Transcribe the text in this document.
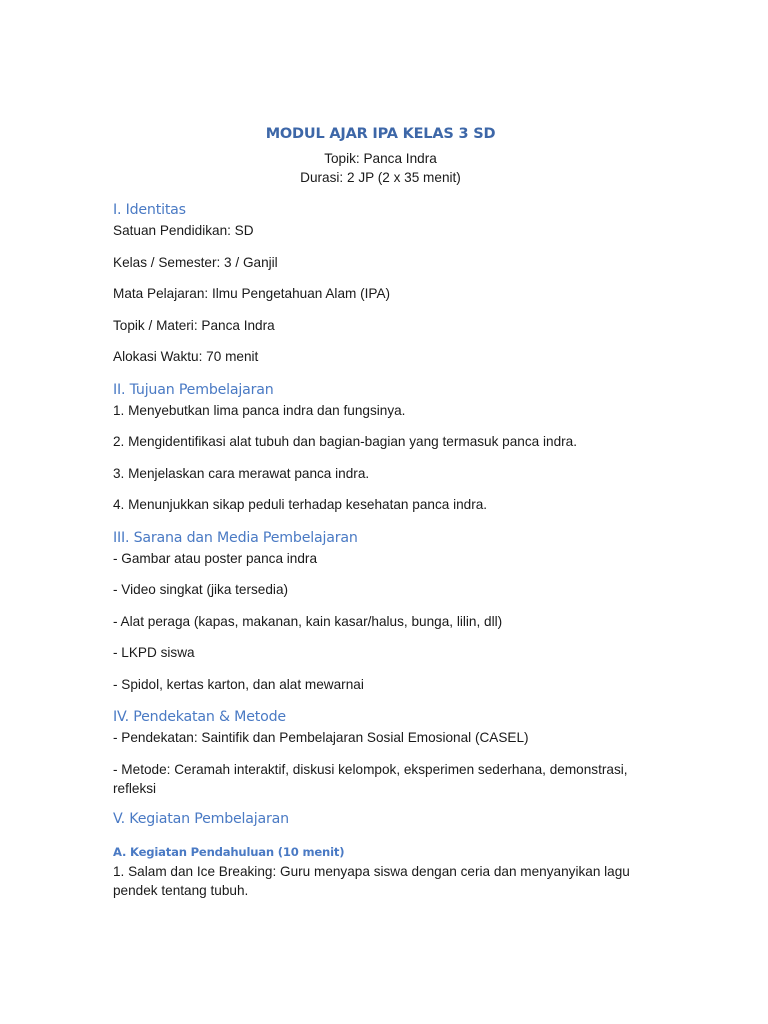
MODUL AJAR IPA KELAS 3 SD
Topik: Panca Indra
Durasi: 2 JP (2 x 35 menit)
I. Identitas
Satuan Pendidikan: SD
Kelas / Semester: 3 / Ganjil
Mata Pelajaran: Ilmu Pengetahuan Alam (IPA)
Topik / Materi: Panca Indra
Alokasi Waktu: 70 menit
II. Tujuan Pembelajaran
1. Menyebutkan lima panca indra dan fungsinya.
2. Mengidentifikasi alat tubuh dan bagian-bagian yang termasuk panca indra.
3. Menjelaskan cara merawat panca indra.
4. Menunjukkan sikap peduli terhadap kesehatan panca indra.
III. Sarana dan Media Pembelajaran
- Gambar atau poster panca indra
- Video singkat (jika tersedia)
- Alat peraga (kapas, makanan, kain kasar/halus, bunga, lilin, dll)
- LKPD siswa
- Spidol, kertas karton, dan alat mewarnai
IV. Pendekatan & Metode
- Pendekatan: Saintifik dan Pembelajaran Sosial Emosional (CASEL)
- Metode: Ceramah interaktif, diskusi kelompok, eksperimen sederhana, demonstrasi, refleksi
V. Kegiatan Pembelajaran
A. Kegiatan Pendahuluan (10 menit)
1. Salam dan Ice Breaking: Guru menyapa siswa dengan ceria dan menyanyikan lagu pendek tentang tubuh.
